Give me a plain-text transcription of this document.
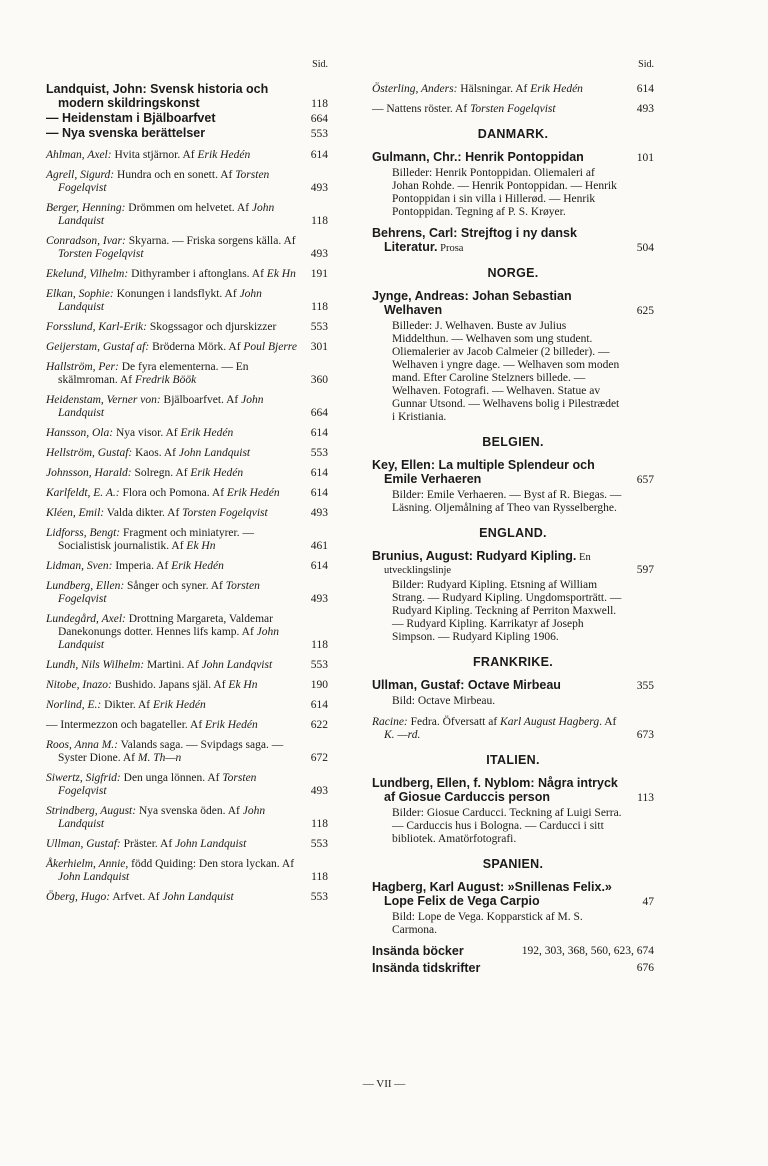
Sid.
Landquist, John: Svensk historia och modern skildringskonst	118
— Heidenstam i Bjälboarfvet	664
— Nya svenska berättelser	553
Ahlman, Axel: Hvita stjärnor. Af Erik Hedén	614
Agrell, Sigurd: Hundra och en sonett. Af Torsten Fogelqvist	493
Berger, Henning: Drömmen om helvetet. Af John Landquist	118
Conradson, Ivar: Skyarna. — Friska sorgens källa. Af Torsten Fogelqvist	493
Ekelund, Vilhelm: Dithyramber i aftonglans. Af Ek Hn	191
Elkan, Sophie: Konungen i landsflykt. Af John Landquist	118
Forsslund, Karl-Erik: Skogssagor och djurskizzer	553
Geijerstam, Gustaf af: Bröderna Mörk. Af Poul Bjerre	301
Hallström, Per: De fyra elementerna. — En skälmroman. Af Fredrik Böök	360
Heidenstam, Verner von: Bjälboarfvet. Af John Landquist	664
Hansson, Ola: Nya visor. Af Erik Hedén	614
Hellström, Gustaf: Kaos. Af John Landquist	553
Johnsson, Harald: Solregn. Af Erik Hedén	614
Karlfeldt, E. A.: Flora och Pomona. Af Erik Hedén	614
Kléen, Emil: Valda dikter. Af Torsten Fogelqvist	493
Lidforss, Bengt: Fragment och miniatyrer. — Socialistisk journalistik. Af Ek Hn	461
Lidman, Sven: Imperia. Af Erik Hedén	614
Lundberg, Ellen: Sånger och syner. Af Torsten Fogelqvist	493
Lundegård, Axel: Drottning Margareta, Valdemar Danekonungs dotter. Hennes lifs kamp. Af John Landquist	118
Lundh, Nils Wilhelm: Martini. Af John Landqvist	553
Nitobe, Inazo: Bushido. Japans själ. Af Ek Hn	190
Norlind, E.: Dikter. Af Erik Hedén	614
— Intermezzon och bagateller. Af Erik Hedén	622
Roos, Anna M.: Valands saga. — Svipdags saga. — Syster Dione. Af M. Th—n	672
Siwertz, Sigfrid: Den unga lönnen. Af Torsten Fogelqvist	493
Strindberg, August: Nya svenska öden. Af John Landquist	118
Ullman, Gustaf: Präster. Af John Landquist	553
Åkerhielm, Annie, född Quiding: Den stora lyckan. Af John Landquist	118
Öberg, Hugo: Arfvet. Af John Landquist	553
Sid.
Österling, Anders: Hälsningar. Af Erik Hedén	614
— Nattens röster. Af Torsten Fogelqvist	493
DANMARK.
Gulmann, Chr.: Henrik Pontoppidan	101
Billeder: Henrik Pontoppidan. Oliemaleri af Johan Rohde. — Henrik Pontoppidan. — Henrik Pontoppidan i sin villa i Hillerød. — Henrik Pontoppidan. Tegning af P. S. Krøyer.
Behrens, Carl: Strejftog i ny dansk Literatur. Prosa	504
NORGE.
Jynge, Andreas: Johan Sebastian Welhaven	625
Billeder: J. Welhaven. Buste av Julius Middelthun. — Welhaven som ung student. Oliemalerier av Jacob Calmeier (2 billeder). — Welhaven i yngre dage. — Welhaven som moden mand. Efter Caroline Stelzners billede. — Welhaven. Fotografi. — Welhaven. Statue av Gunnar Utsond. — Welhavens bolig i Pilestrædet i Kristiania.
BELGIEN.
Key, Ellen: La multiple Splendeur och Emile Verhaeren	657
Bilder: Emile Verhaeren. — Byst af R. Biegas. — Läsning. Oljemålning af Theo van Rysselberghe.
ENGLAND.
Brunius, August: Rudyard Kipling. En utvecklingslinje	597
Bilder: Rudyard Kipling. Etsning af William Strang. — Rudyard Kipling. Ungdomsporträtt. — Rudyard Kipling. Teckning af Perriton Maxwell. — Rudyard Kipling. Karrikatyr af Joseph Simpson. — Rudyard Kipling 1906.
FRANKRIKE.
Ullman, Gustaf: Octave Mirbeau	355
Bild: Octave Mirbeau.
Racine: Fedra. Öfversatt af Karl August Hagberg. Af K. —rd.	673
ITALIEN.
Lundberg, Ellen, f. Nyblom: Några intryck af Giosue Carduccis person	113
Bilder: Giosue Carducci. Teckning af Luigi Serra. — Carduccis hus i Bologna. — Carducci i sitt bibliotek. Amatörfotografi.
SPANIEN.
Hagberg, Karl August: »Snillenas Felix.» Lope Felix de Vega Carpio	47
Bild: Lope de Vega. Kopparstick af M. S. Carmona.
Insända böcker	192, 303, 368, 560, 623, 674
Insända tidskrifter	676
— VII —
